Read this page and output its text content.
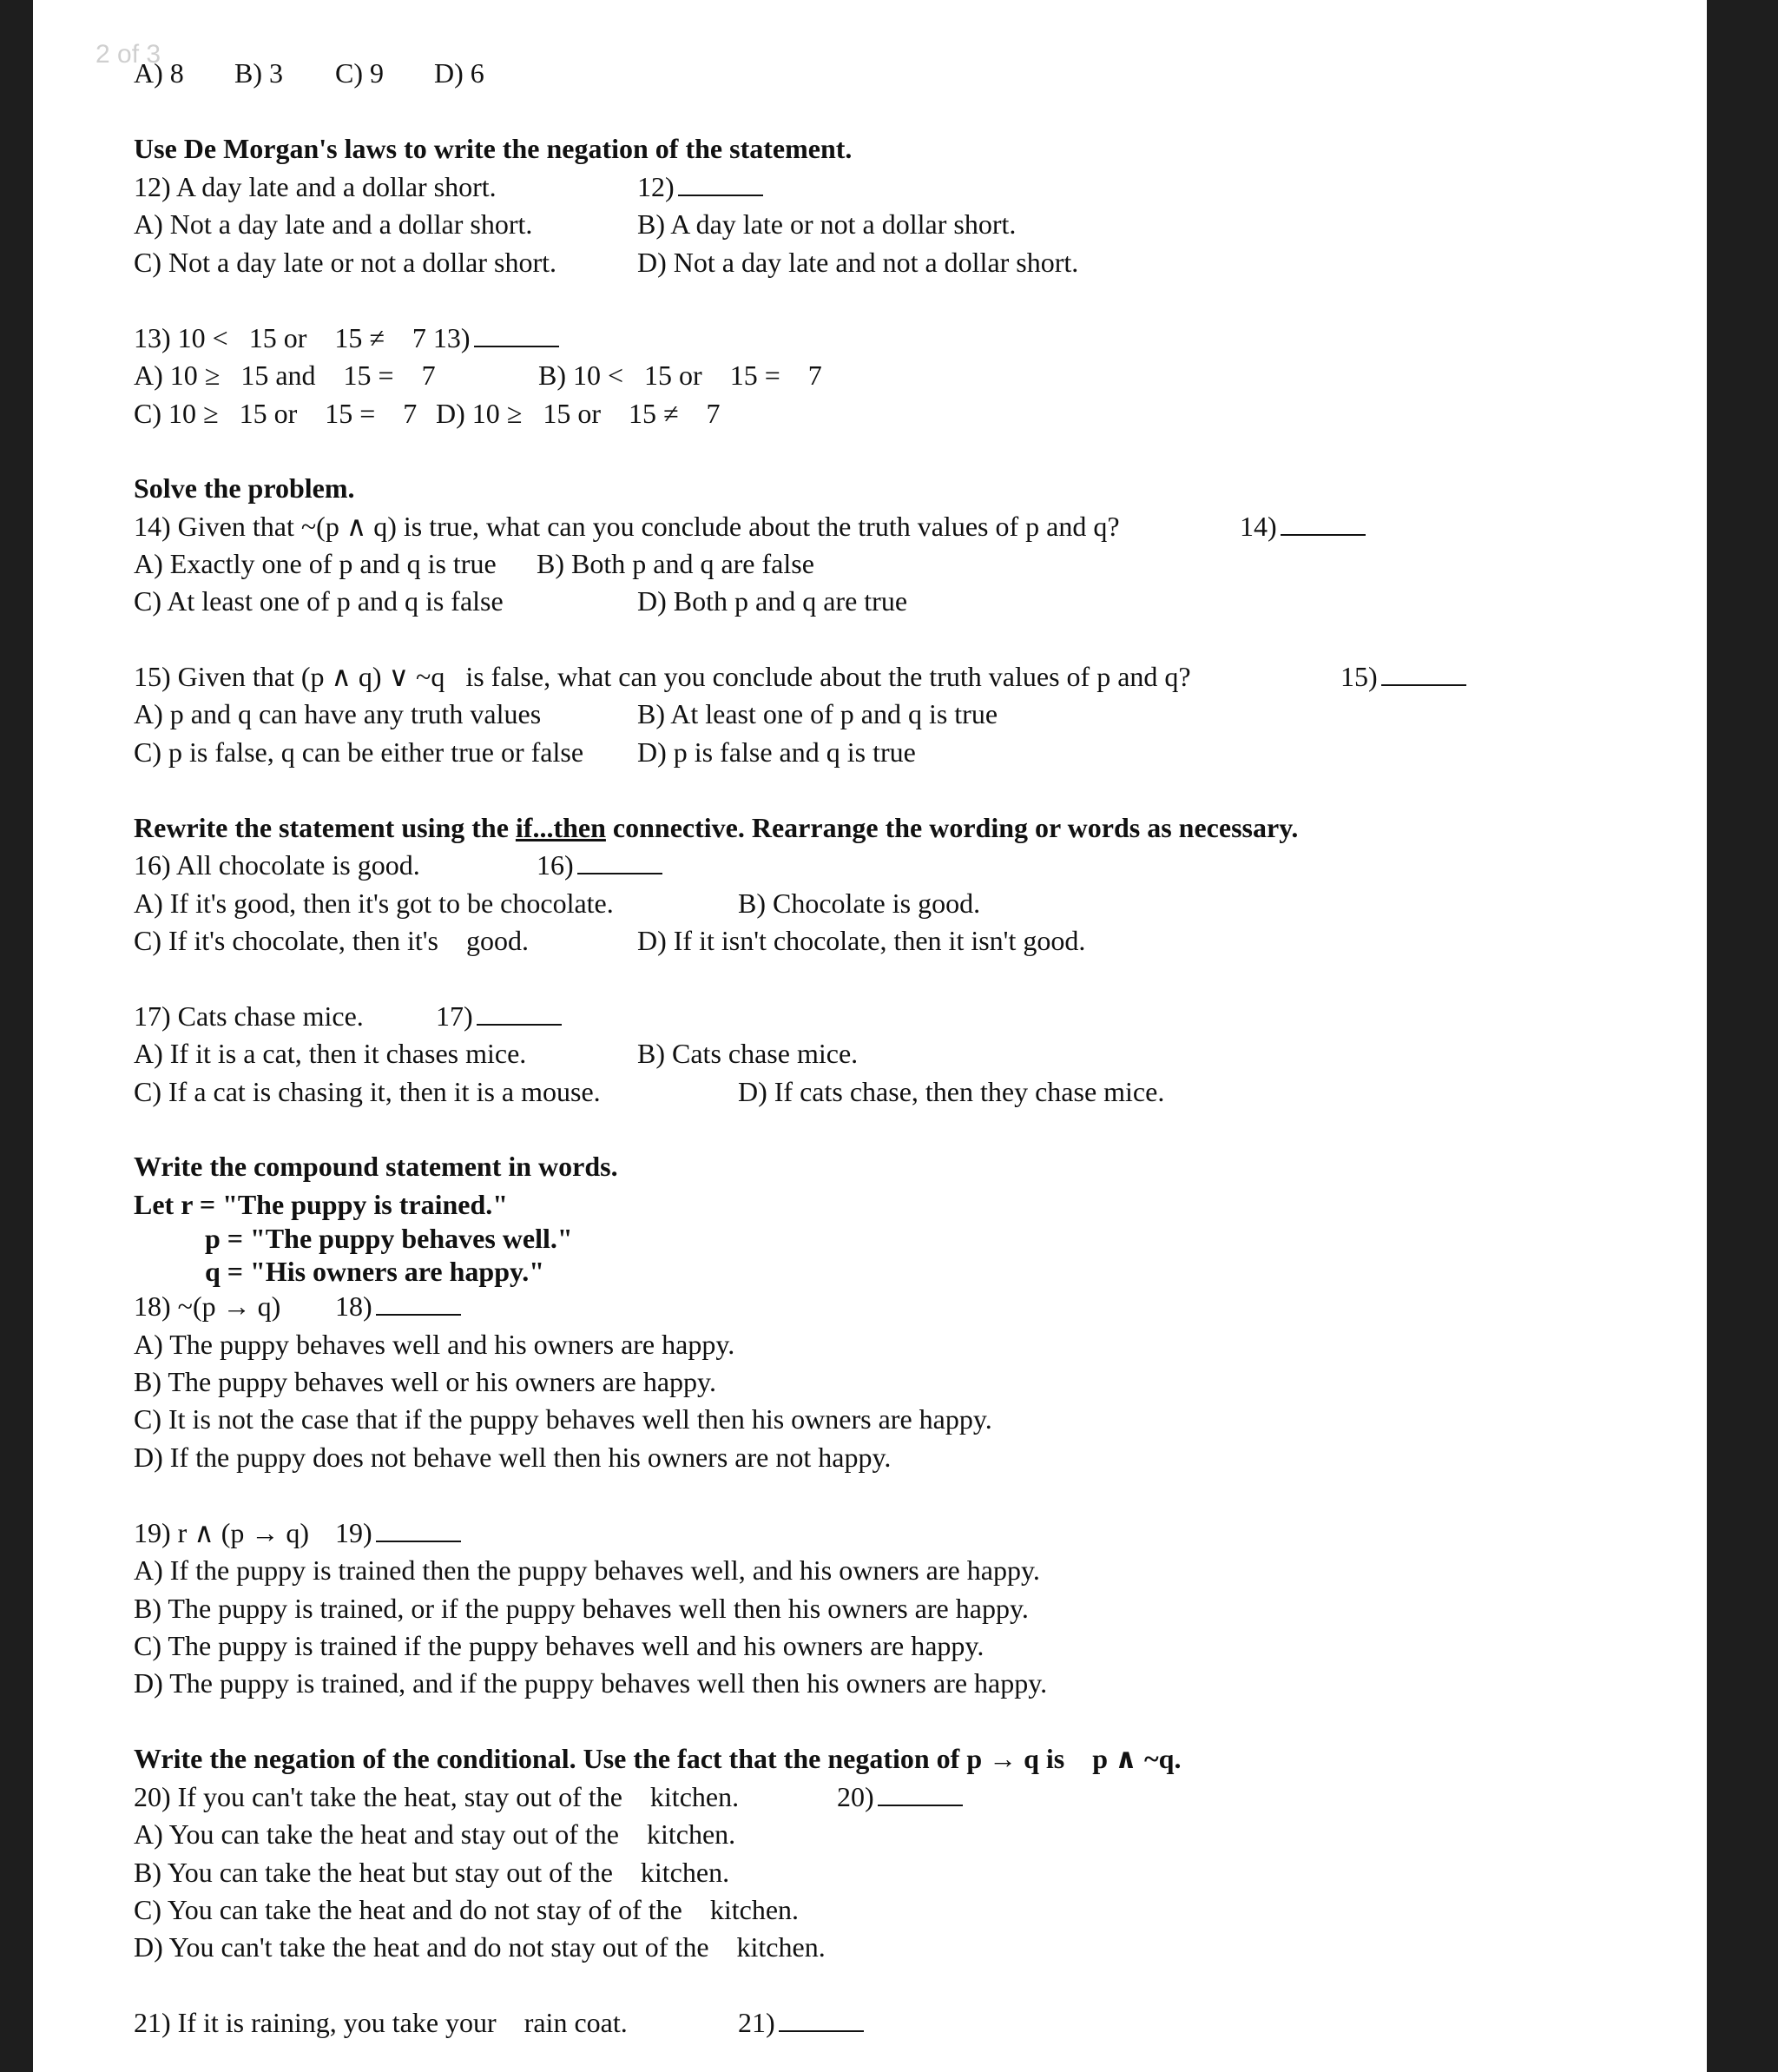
2 of 3
A) 8 B) 3 C) 9 D) 6
Use De Morgan's laws to write the negation of the statement.
12) A day late and a dollar short.	12)
A) Not a day late and a dollar short.	B) A day late or not a dollar short.
C) Not a day late or not a dollar short.	D) Not a day late and not a dollar short.
13) 10 <   15 or    15 ≠    7 13)
A) 10 ≥   15 and    15 =    7	B) 10 <   15 or    15 =    7
C) 10 ≥   15 or    15 =    7 D) 10 ≥   15 or    15 ≠    7
Solve the problem.
14) Given that ~(p ∧ q) is true, what can you conclude about the truth values of p and q?	14)
A) Exactly one of p and q is true B) Both p and q are false
C) At least one of p and q is false	D) Both p and q are true
15) Given that (p ∧ q) ∨ ~q   is false, what can you conclude about the truth values of p and q?	15)
A) p and q can have any truth values	B) At least one of p and q is true
C) p is false, q can be either true or false D) p is false and q is true
Rewrite the statement using the if...then connective. Rearrange the wording or words as necessary.
16) All chocolate is good.	16)
A) If it's good, then it's got to be chocolate.	B) Chocolate is good.
C) If it's chocolate, then it's    good.	D) If it isn't chocolate, then it isn't good.
17) Cats chase mice.	17)
A) If it is a cat, then it chases mice.	B) Cats chase mice.
C) If a cat is chasing it, then it is a mouse.	D) If cats chase, then they chase mice.
Write the compound statement in words.
Let r = "The puppy is trained."
p = "The puppy behaves well."
q = "His owners are happy."
18) ~(p → q) 18)
A) The puppy behaves well and his owners are happy.
B) The puppy behaves well or his owners are happy.
C) It is not the case that if the puppy behaves well then his owners are happy.
D) If the puppy does not behave well then his owners are not happy.
19) r ∧ (p → q) 19)
A) If the puppy is trained then the puppy behaves well, and his owners are happy.
B) The puppy is trained, or if the puppy behaves well then his owners are happy.
C) The puppy is trained if the puppy behaves well and his owners are happy.
D) The puppy is trained, and if the puppy behaves well then his owners are happy.
Write the negation of the conditional. Use the fact that the negation of p → q is    p ∧ ~q.
20) If you can't take the heat, stay out of the    kitchen.	20)
A) You can take the heat and stay out of the    kitchen.
B) You can take the heat but stay out of the    kitchen.
C) You can take the heat and do not stay of of the    kitchen.
D) You can't take the heat and do not stay out of the    kitchen.
21) If it is raining, you take your    rain coat.	21)
